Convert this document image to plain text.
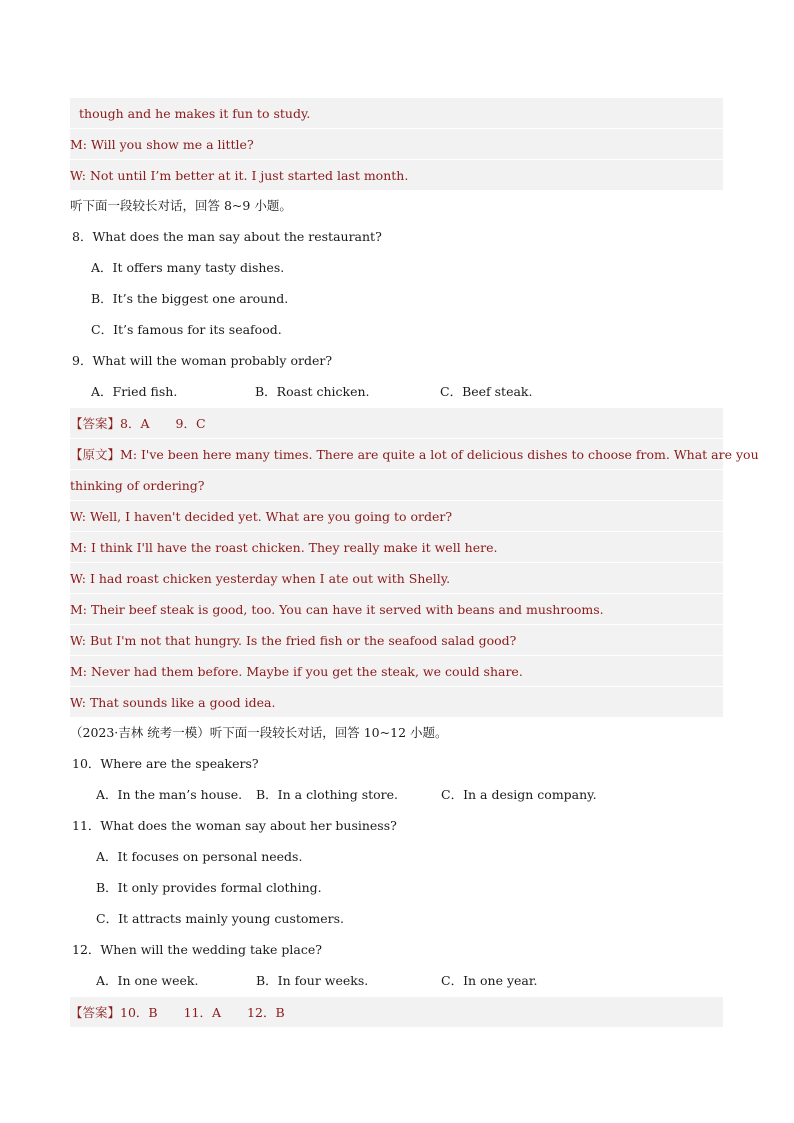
though and he makes it fun to study.
M: Will you show me a little?
W: Not until I’m better at it. I just started last month.
听下面一段较长对话，回答 8~9 小题。
8．What does the man say about the restaurant?
A．It offers many tasty dishes.
B．It’s the biggest one around.
C．It’s famous for its seafood.
9．What will the woman probably order?
A．Fried fish.	B．Roast chicken.	C．Beef steak.
【答案】8．A 9．C
【原文】M: I've been here many times. There are quite a lot of delicious dishes to choose from. What are you
thinking of ordering?
W: Well, I haven't decided yet. What are you going to order?
M: I think I'll have the roast chicken. They really make it well here.
W: I had roast chicken yesterday when I ate out with Shelly.
M: Their beef steak is good, too. You can have it served with beans and mushrooms.
W: But I'm not that hungry. Is the fried fish or the seafood salad good?
M: Never had them before. Maybe if you get the steak, we could share.
W: That sounds like a good idea.
（2023·吉林 统考一模）听下面一段较长对话，回答 10~12 小题。
10．Where are the speakers?
A．In the man’s house.	B．In a clothing store.	C．In a design company.
11．What does the woman say about her business?
A．It focuses on personal needs.
B．It only provides formal clothing.
C．It attracts mainly young customers.
12．When will the wedding take place?
A．In one week.	B．In four weeks.	C．In one year.
【答案】10．B 11．A 12．B
